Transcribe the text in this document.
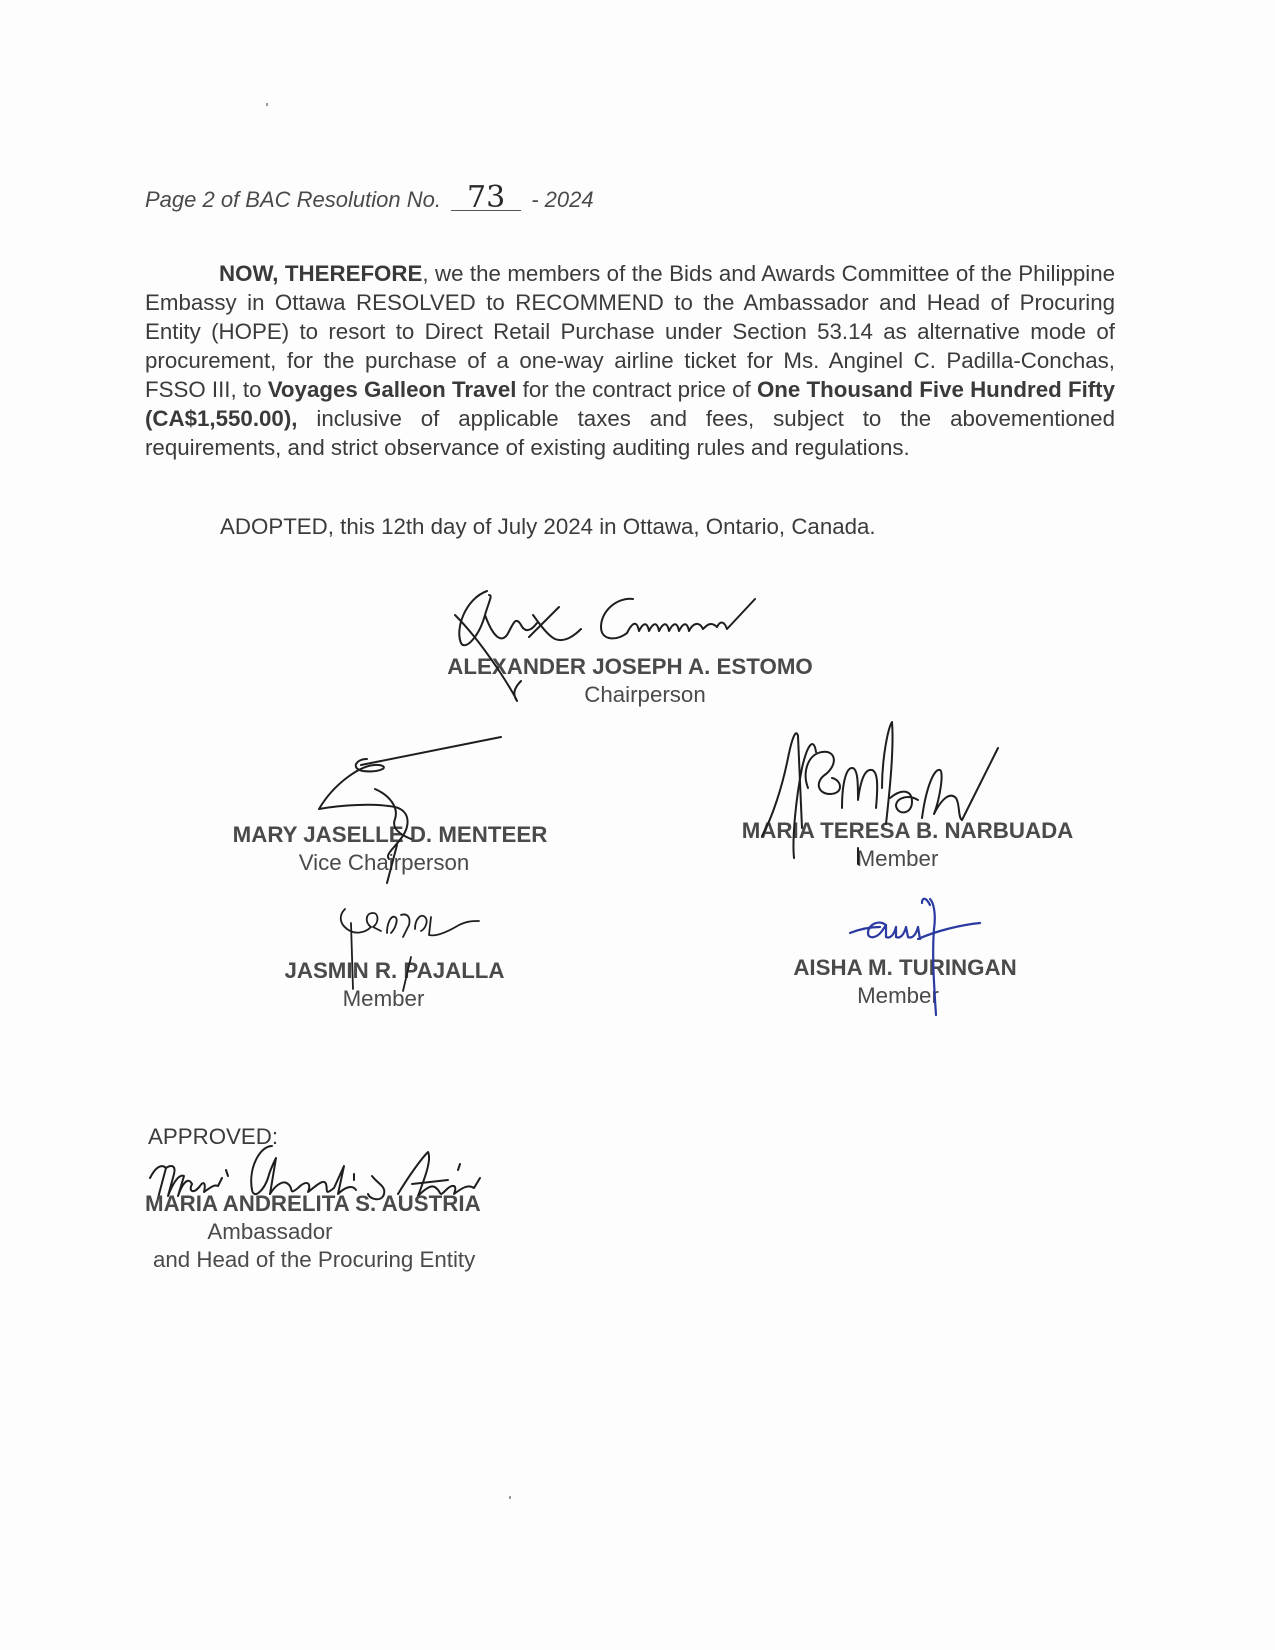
Page 2 of BAC Resolution No. 73 - 2024
NOW, THEREFORE, we the members of the Bids and Awards Committee of the Philippine Embassy in Ottawa RESOLVED to RECOMMEND to the Ambassador and Head of Procuring Entity (HOPE) to resort to Direct Retail Purchase under Section 53.14 as alternative mode of procurement, for the purchase of a one-way airline ticket for Ms. Anginel C. Padilla-Conchas, FSSO III, to Voyages Galleon Travel for the contract price of One Thousand Five Hundred Fifty (CA$1,550.00), inclusive of applicable taxes and fees, subject to the abovementioned requirements, and strict observance of existing auditing rules and regulations.
ADOPTED, this 12th day of July 2024 in Ottawa, Ontario, Canada.
ALEXANDER JOSEPH A. ESTOMO
Chairperson
MARY JASELLE D. MENTEER
Vice Chairperson
MARIA TERESA B. NARBUADA
Member
JASMIN R. PAJALLA
Member
AISHA M. TURINGAN
Member
APPROVED:
MARIA ANDRELITA S. AUSTRIA
Ambassador
and Head of the Procuring Entity
